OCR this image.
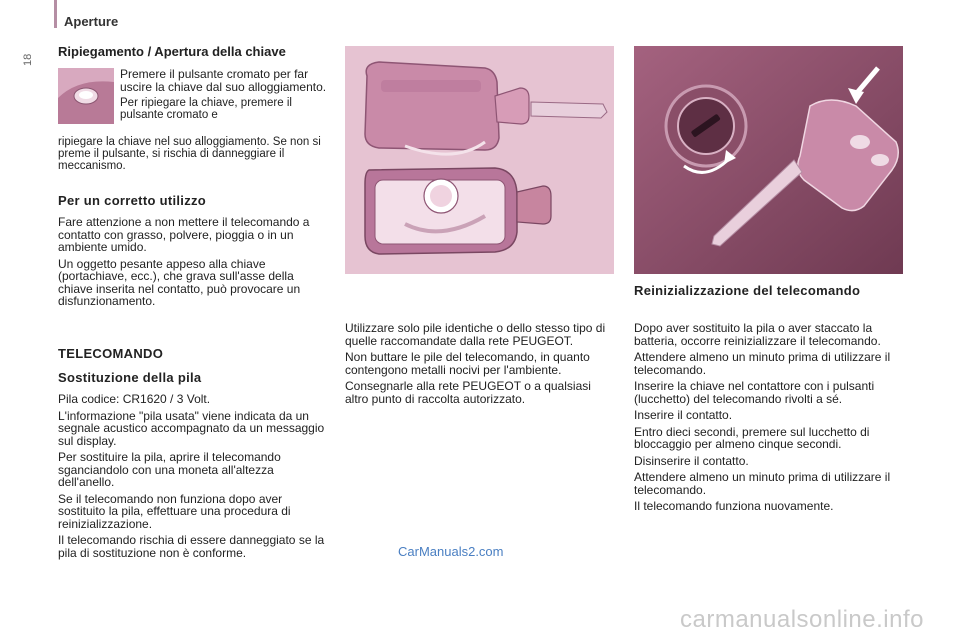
Aperture
18
Ripiegamento / Apertura della chiave

Premere il pulsante cromato per far uscire la chiave dal suo alloggiamento.

Per ripiegare la chiave, premere il pulsante cromato e

ripiegare la chiave nel suo alloggiamento. Se non si preme il pulsante, si rischia di danneggiare il meccanismo.

Per un corretto utilizzo

Fare attenzione a non mettere il telecomando a contatto con grasso, polvere, pioggia o in un ambiente umido.

Un oggetto pesante appeso alla chiave (portachiave, ecc.), che grava sull'asse della chiave inserita nel contatto, può provocare un disfunzionamento.

TELECOMANDO
Sostituzione della pila

Pila codice: CR1620 / 3 Volt.

L'informazione "pila usata" viene indicata da un segnale acustico accompagnato da un messaggio sul display.

Per sostituire la pila, aprire il telecomando sganciandolo con una moneta all'altezza dell'anello.

Se il telecomando non funziona dopo aver sostituito la pila, effettuare una procedura di reinizializzazione.

Il telecomando rischia di essere danneggiato se la pila di sostituzione non è conforme.

Utilizzare solo pile identiche o dello stesso tipo di quelle raccomandate dalla rete PEUGEOT.

Non buttare le pile del telecomando, in quanto contengono metalli nocivi per l'ambiente.

Consegnarle alla rete PEUGEOT o a qualsiasi altro punto di raccolta autorizzato.

Reinizializzazione del telecomando

Dopo aver sostituito la pila o aver staccato la batteria, occorre reinizializzare il telecomando.

Attendere almeno un minuto prima di utilizzare il telecomando.

Inserire la chiave nel contattore con i pulsanti (lucchetto) del telecomando rivolti a sé.

Inserire il contatto.

Entro dieci secondi, premere sul lucchetto di bloccaggio per almeno cinque secondi.

Disinserire il contatto.

Attendere almeno un minuto prima di utilizzare il telecomando.

Il telecomando funziona nuovamente.

CarManuals2.com
carmanualsonline.info
